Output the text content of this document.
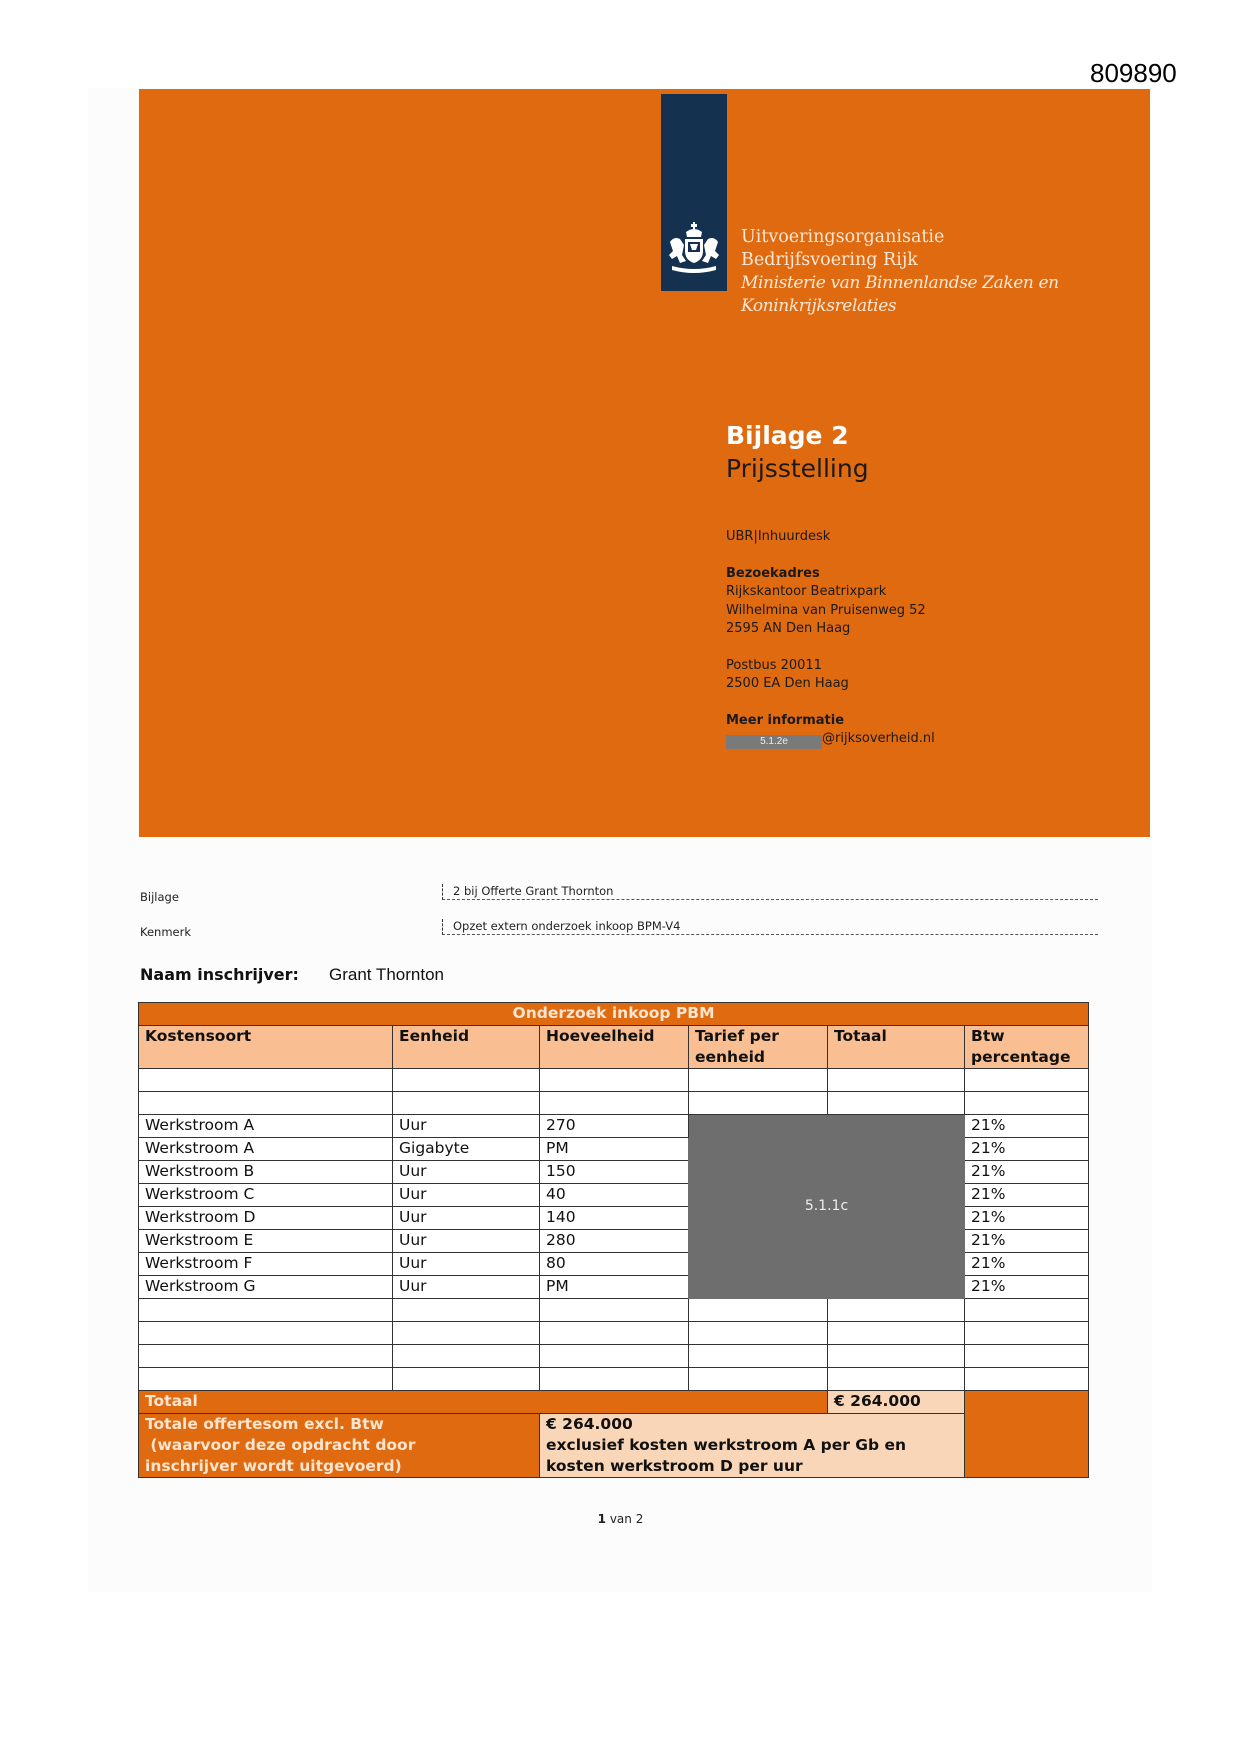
809890
Uitvoeringsorganisatie
Bedrijfsvoering Rijk
Ministerie van Binnenlandse Zaken en
Koninkrijksrelaties
Bijlage 2
Prijsstelling
UBR|Inhuurdesk
Bezoekadres
Rijkskantoor Beatrixpark
Wilhelmina van Pruisenweg 52
2595 AN Den Haag
Postbus 20011
2500 EA Den Haag
Meer informatie
5.1.2e	@rijksoverheid.nl
Bijlage	2 bij Offerte Grant Thornton
Kenmerk	Opzet extern onderzoek inkoop BPM-V4
Naam inschrijver: Grant Thornton
Onderzoek inkoop PBM					
Kostensoort	Eenheid	Hoeveelheid	Tarief per eenheid	Totaal	Btw percentage

Werkstroom A	Uur	270	5.1.1c		21%
Werkstroom A	Gigabyte	PM			21%
Werkstroom B	Uur	150			21%
Werkstroom C	Uur	40			21%
Werkstroom D	Uur	140			21%
Werkstroom E	Uur	280			21%
Werkstroom F	Uur	80			21%
Werkstroom G	Uur	PM			21%

Totaal				€ 264.000	

Totale offertesom excl. Btw
(waarvoor deze opdracht door
inschrijver wordt uitgevoerd)

€ 264.000
exclusief kosten werkstroom A per Gb en
kosten werkstroom D per uur
1 van 2
